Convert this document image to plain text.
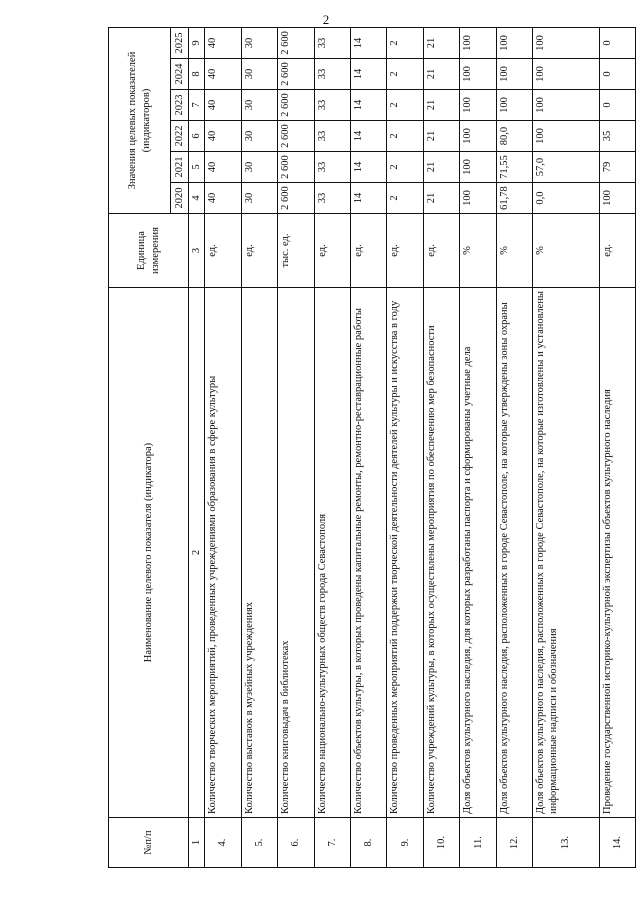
2
№п/п	Наименование целевого показателя (индикатора)	Единица измерения	Значения целевых показателей (индикаторов)					
			2020	2021	2022	2023	2024	2025
1	2	3	4	5	6	7	8	9
4.	Количество творческих мероприятий, проведенных учреждениями образования в сфере культуры	ед.	40	40	40	40	40	40
5.	Количество выставок в музейных учреждениях	ед.	30	30	30	30	30	30
6.	Количество книговыдач в библиотеках	тыс. ед.	2 600	2 600	2 600	2 600	2 600	2 600
7.	Количество национально-культурных обществ города Севастополя	ед.	33	33	33	33	33	33
8.	Количество объектов культуры, в которых проведены капитальные ремонты, ремонтно-реставрационные работы	ед.	14	14	14	14	14	14
9.	Количество проведенных мероприятий поддержки творческой деятельности деятелей культуры и искусства в году	ед.	2	2	2	2	2	2
10.	Количество учреждений культуры, в которых осуществлены мероприятия по обеспечению мер безопасности	ед.	21	21	21	21	21	21
11.	Доля объектов культурного наследия, для которых разработаны паспорта и сформированы учетные дела	%	100	100	100	100	100	100
12.	Доля объектов культурного наследия, расположенных в городе Севастополе, на которые утверждены зоны охраны	%	61,78	71,55	80,0	100	100	100
13.	Доля объектов культурного наследия, расположенных в городе Севастополе, на которые изготовлены и установлены информационные надписи и обозначения	%	0,0	57,0	100	100	100	100
14.	Проведение государственной историко-культурной экспертизы объектов культурного наследия	ед.	100	79	35	0	0	0
